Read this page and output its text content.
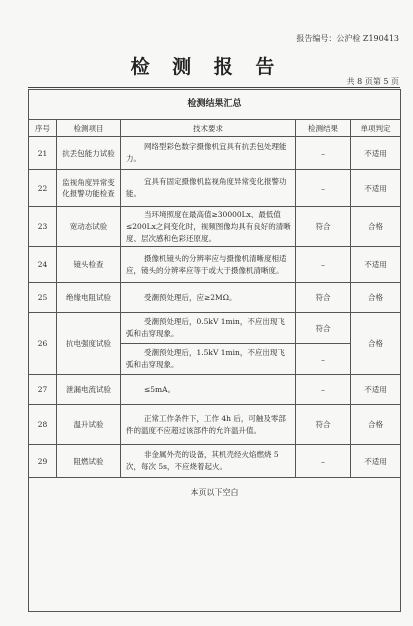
报告编号：公沪检 Z190413
检 测 报 告
共 8 页第 5 页
检测结果汇总				
序号	检测项目	技术要求	检测结果	单项判定
21	抗丢包能力试验	网络型彩色数字摄像机宜具有抗丢包处理能力。	–	不适用
22	监视角度异常变化报警功能检查	宜具有固定摄像机监视角度异常变化报警功能。	–	不适用
23	宽动态试验	当环境照度在最高值≥30000Lx、最低值≤200Lx之间变化时，视频图像均具有良好的清晰度、层次感和色彩还原度。	符合	合格
24	镜头检查	摄像机镜头的分辨率应与摄像机清晰度相适应，镜头的分辨率应等于或大于摄像机清晰度。	–	不适用
25	绝缘电阻试验	受潮预处理后，应≥2MΩ。	符合	合格
26	抗电强度试验	受潮预处理后，0.5kV 1min，不应出现飞弧和击穿现象。	符合	合格

		受潮预处理后，1.5kV 1min，不应出现飞弧和击穿现象。	–	
27	泄漏电流试验	≤5mA。	–	不适用
28	温升试验	正常工作条件下，工作 4h 后，可触及零部件的温度不应超过该部件的允许温升值。	符合	合格
29	阻燃试验	非金属外壳的设备，其机壳经火焰燃烧 5次，每次 5s，不应烧着起火。	–	不适用
本页以下空白				
